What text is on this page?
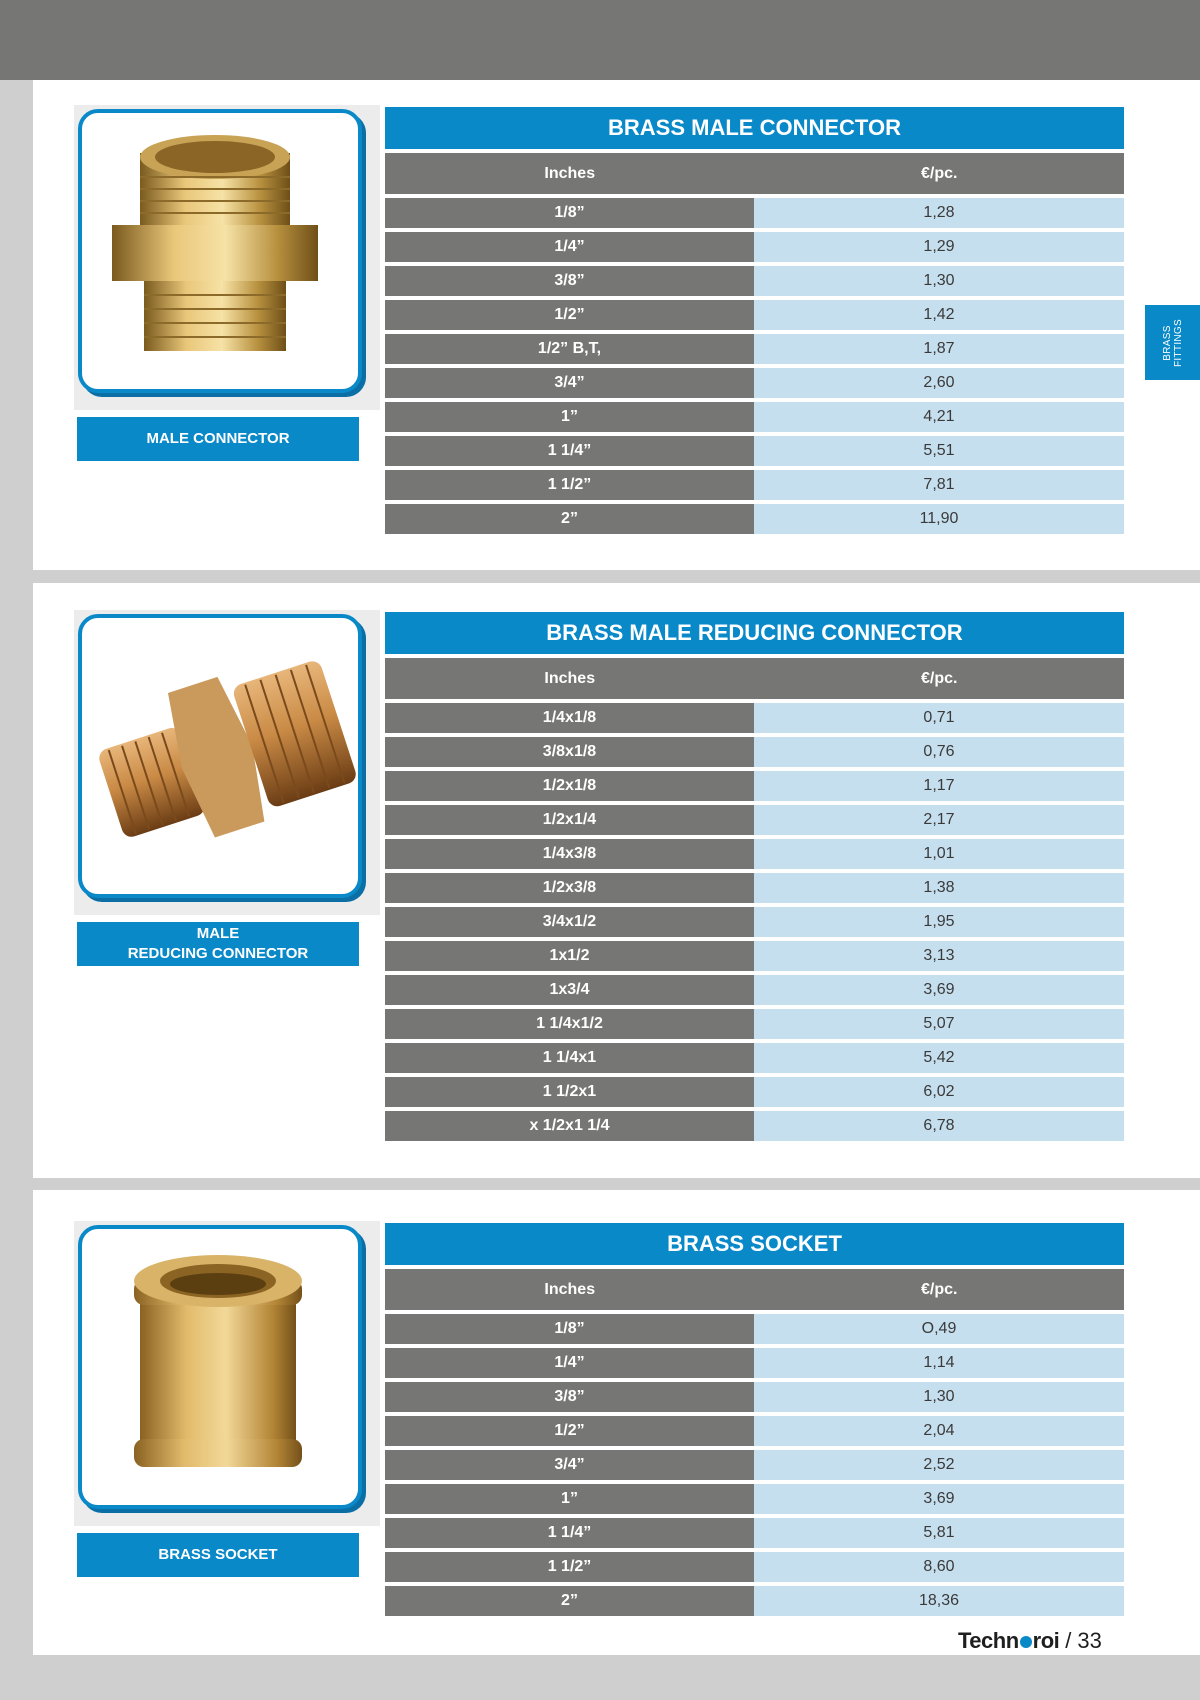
BRASS
FITTINGS
MALE CONNECTOR
BRASS MALE CONNECTOR
Inches	€/pc.
1/8”	1,28
1/4”	1,29
3/8”	1,30
1/2”	1,42
1/2” B,T,	1,87
3/4”	2,60
1”	4,21
1 1/4”	5,51
1 1/2”	7,81
2”	11,90
MALE
REDUCING CONNECTOR
BRASS MALE REDUCING CONNECTOR
Inches	€/pc.
1/4x1/8	0,71
3/8x1/8	0,76
1/2x1/8	1,17
1/2x1/4	2,17
1/4x3/8	1,01
1/2x3/8	1,38
3/4x1/2	1,95
1x1/2	3,13
1x3/4	3,69
1 1/4x1/2	5,07
1 1/4x1	5,42
1 1/2x1	6,02
x 1/2x1 1/4	6,78
BRASS SOCKET
BRASS SOCKET
Inches	€/pc.
1/8”	O,49
1/4”	1,14
3/8”	1,30
1/2”	2,04
3/4”	2,52
1”	3,69
1 1/4”	5,81
1 1/2”	8,60
2”	18,36
Techn roi / 33
